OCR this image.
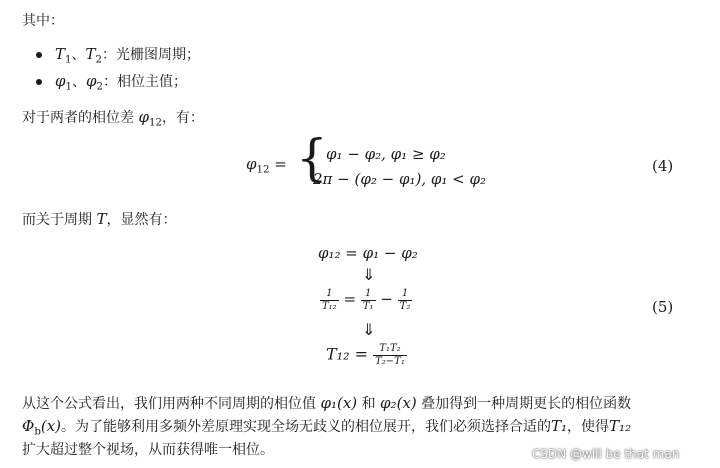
其中：
$T_1$、$T_2$：光栅图周期；
$\varphi_1$、$\varphi_2$：相位主值；
对于两者的相位差 $\varphi_{12}$，有：
$\varphi_{12}$ = {
φ₁ − φ₂, φ₁ ≥ φ₂
2π − (φ₂ − φ₁), φ₁ < φ₂
(4)
而关于周期 T，显然有：
φ₁₂ = φ₁ − φ₂
⇓
$\frac{1}{\text{T₁₂}} = \frac{1}{\text{T₁}} - \frac{1}{\text{T₂}}$	(5)
⇓
$T_{12} = \frac{\text{T₁T₂}}{\text{T₂−T₁}}$
从这个公式看出，我们用两种不同周期的相位值 φ₁(x) 和 φ₂(x) 叠加得到一种周期更长的相位函数
$\Phi_b(x)$。为了能够利用多频外差原理实现全场无歧义的相位展开，我们必须选择合适的T₁，使得T₁₂
扩大超过整个视场，从而获得唯一相位。	CSDN @will be that man
